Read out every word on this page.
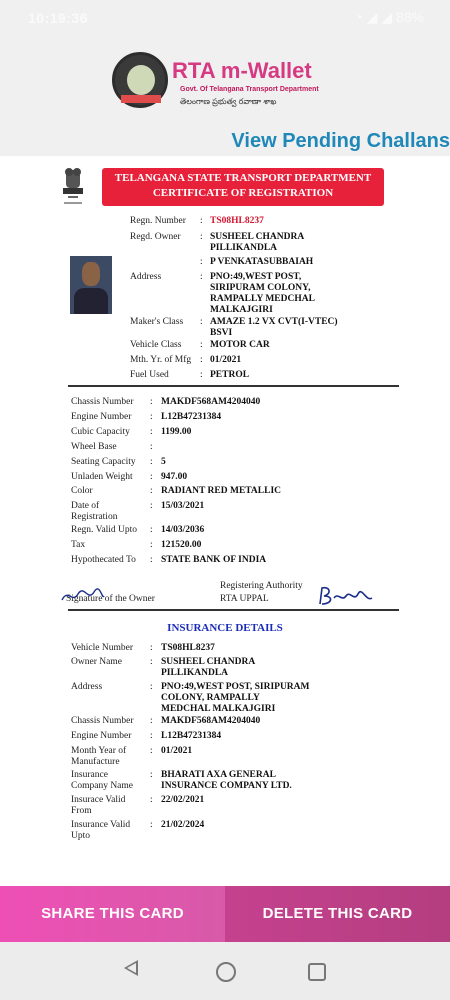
10:19:36	◔ ◢ ◢ 88%
RTA m-Wallet
Govt. Of Telangana Transport Department
తెలంగాణ ప్రభుత్వ రవాణా శాఖ
View Pending Challans
TELANGANA STATE TRANSPORT DEPARTMENT
CERTIFICATE OF REGISTRATION
Regn. Number	: TS08HL8237
Regd. Owner	: SUSHEEL CHANDRA
PILLIKANDLA
: P VENKATASUBBAIAH
Address	: PNO:49,WEST POST,
SIRIPURAM COLONY,
RAMPALLY MEDCHAL
MALKAJGIRI
Maker's Class	: AMAZE 1.2 VX CVT(I-VTEC)
BSVI
Vehicle Class	: MOTOR CAR
Mth. Yr. of Mfg : 01/2021
Fuel Used	: PETROL
Chassis Number	: MAKDF568AM4204040
Engine Number	: L12B47231384
Cubic Capacity	: 1199.00
Wheel Base	:
Seating Capacity	: 5
Unladen Weight	: 947.00
Color	: RADIANT RED METALLIC
Date of
Registration
: 15/03/2021
Regn. Valid Upto	: 14/03/2036
Tax	: 121520.00
Hypothecated To	: STATE BANK OF INDIA
Signature of the Owner
Registering Authority
RTA UPPAL
INSURANCE DETAILS
Vehicle Number	: TS08HL8237
Owner Name	: SUSHEEL CHANDRA
PILLIKANDLA
Address	: PNO:49,WEST POST, SIRIPURAM
COLONY, RAMPALLY
MEDCHAL MALKAJGIRI
Chassis Number	: MAKDF568AM4204040
Engine Number	: L12B47231384
Month Year of
Manufacture
: 01/2021
Insurance
Company Name
: BHARATI AXA GENERAL
INSURANCE COMPANY LTD.
Insurace Valid
From
: 22/02/2021
Insurance Valid
Upto
: 21/02/2024
SHARE THIS CARD	DELETE THIS CARD
